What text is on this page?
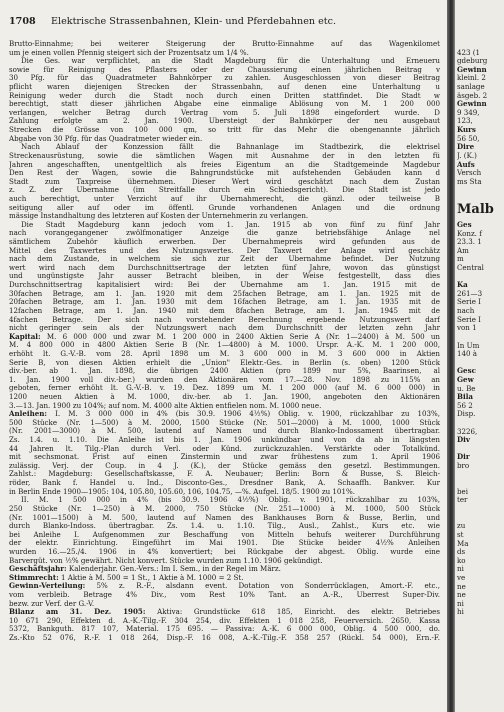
1708 Elektrische Strassenbahnen, Klein- und Pferdebahnen etc.
Brutto-Einnahme; bei weiterer Steigerung der Brutto-Einnahme auf das Wagenkilomet
um je einen vollen Pfennig steigert sich der Prozentsatz um 1/4 %.
Die Ges. war verpflichtet, an die Stadt Magdeburg für die Unterhaltung und Erneueru
sowie für Reinigung des Pflasters oder der Chaussierung einen jährlichen Beitrag v
30 Pfg. für das Quadratmeter Bahnkörper zu zahlen. Ausgeschlossen von dieser Beitrag
pflicht waren diejenigen Strecken der Strassenbahn, auf denen eine Unterhaltung u
Reinigung weder durch die Stadt noch durch einen Dritten stattfindet. Die Stadt w
berechtigt, statt dieser jährlichen Abgabe eine einmalige Ablösung von M. 1 200 000
verlangen, welcher Betrag durch Vertrag vom 5. Juli 1898 eingefordert wurde. D
Zahlung erfolgte am 2. Jan. 1900. Übersteigt der Bahnkörper der neu ausgebaut
Strecken die Grösse von 100 000 qm, so tritt für das Mehr die obengenannte jährlich
Abgabe von 30 Pfg. für das Quadratmeter wieder ein.
Nach Ablauf der Konzession fällt die Bahnanlage im Stadtbezirk, die elektrisel
Streckenausrüstung, sowie die sämtlichen Wagen mit Ausnahme der in den letzten fü
Jahren angeschafften, unentgeltlich als freies Eigentum an die Stadtgemeinde Magdebur
Den Rest der Wagen, sowie die Bahngrundstücke mit aufstehenden Gebäuden kann d
Stadt zum Taxpreise übernehmen. Dieser Wert wird geschätzt nach dem Zustan
z. Z. der Übernahme (im Streitfalle durch ein Schiedsgericht). Die Stadt ist jedo
auch berechtigt, unter Verzicht auf ihr Übernahmerecht, die gänzl. oder teilweise B
seitigung aller auf oder im öffentl. Grunde vorhandenen Anlagen und die ordnung
mässige Instandhaltung des letzteren auf Kosten der Unternehmerin zu verlangen.
Die Stadt Magdeburg kann jedoch vom 1. Jan. 1915 ab von fünf zu fünf Jahr
nach vorangegangener zwölfmonatiger Anzeige die ganze betriebsfähige Anlage nel
sämtlichem Zubehör käuflich erwerben. Der Übernahmepreis wird gefunden aus de
Mittel des Taxwertes und des Nutzungswertes. Der Taxwert der Anlage wird geschätz
nach dem Zustande, in welchem sie sich zur Zeit der Übernahme befindet. Der Nutzung
wert wird nach dem Durchschnittsertrage der letzten fünf Jahre, wovon das günstigst
und ungünstigste Jahr ausser Betracht bleiben, in der Weise festgestellt, dass dies
Durchschnittsertrag kapitalisiert wird: Bei der Übernahme am 1. Jan. 1915 mit de
30fachen Betrage, am 1. Jan. 1920 mit dem 25fachen Betrage, am 1. Jan. 1925 mit de
20fachen Betrage, am 1. Jan. 1930 mit dem 16fachen Betrage, am 1. Jan. 1935 mit de
12fachen Betrage, am 1. Jan. 1940 mit dem 8fachen Betrage, am 1. Jan. 1945 mit de
4fachen Betrage. Der sich nach vorstehender Berechnung ergebende Nutzungswert darf
nicht geringer sein als der Nutzungswert nach dem Durchschnitt der letzten zehn Jahr
Kapital: M. 6 000 000 und zwar M. 1 200 000 in 2400 Aktien Serie A (Nr. 1—2400) à M. 500 un
M. 4 800 000 in 4800 Aktien Serie B (Nr. 1—4800) à M. 1000. Urspr. A.-K. M. 1 200 000,
erhöht lt. G.-V.-B. vom 28. April 1898 um M. 3 600 000 in M. 3 600 000 in Aktien
Serie B, von diesen Aktien erhielt die „Union" Elektr.-Ges. in Berlin (s. oben) 1200 Stück
div.-ber. ab 1. Jan. 1898, die übrigen 2400 Aktien (pro 1899 nur 5%, Baarinsen, al
1. Jan. 1900 voll div.-ber.) wurden den Aktionären vom 17.—28. Nov. 1898 zu 115% an
geboten, ferner erhöht lt. G.-V.-B. v. 19. Dez. 1899 um M. 1 200 000 (auf M. 6 000 000) in
1200 neuen Aktien à M. 1000, div.-ber. ab 1. Jan. 1900, angeboten den Aktionären
3.—13. Jan. 1900 zu 104%; auf nom. M. 4000 alte Aktien entfielen nom. M. 1000 neue.
Anleihen: I. M. 3 000 000 in 4% (bis 30.9. 1906 4½%) Oblig. v. 1900, rückzahlbar zu 103%,
500 Stücke (Nr. 1—500) à M. 2000, 1500 Stücke (Nr. 501—2000) à M. 1000, 1000 Stück
(Nr. 2001—3000) à M. 500, lautend auf Namen und durch Blanko-Indossament übertragbar.
Zs. 1.4. u. 1.10. Die Anleihe ist bis 1. Jan. 1906 unkündbar und von da ab in längsten
44 Jahren lt. Tilg.-Plan durch Verl. oder Künd. zurückzuzahlen. Verstärkte oder Totalkünd.
mit sechsmonat. Frist auf einen Zinstermin und zwar frühestens zum 1. April 1906
zulässig. Verj. der Coup. in 4 J. (K.), der Stücke gemäss den gesetzl. Bestimmungen.
Zahlst.: Magdeburg: Gesellschaftskasse, F. A. Neubauer; Berlin: Born & Busse, S. Bleich-
röder, Bank f. Handel u. Ind., Disconto-Ges., Dresdner Bank, A. Schaaffh. Bankver. Kur
in Berlin Ende 1900—1905: 104, 105.80, 105.60, 106, 104.75, —%. Aufgel. 18/5. 1900 zu 101%.
II. M. 1 500 000 in 4% (bis 30.9. 1906 4½%) Oblig. v. 1901, rückzahlbar zu 103%,
250 Stücke (Nr. 1—250) à M. 2000, 750 Stücke (Nr. 251—1000) à M. 1000, 500 Stück
(Nr. 1001—1500) à M. 500, lautend auf Namen des Bankhauses Born & Busse, Berlin, und
durch Blanko-Indoss. übertragbar. Zs. 1.4. u. 1.10. Tilg., Ausl., Zahlst., Kurs etc. wie
bei Anleihe I. Aufgenommen zur Beschaffung von Mitteln behufs weiterer Durchführung
der elektr. Einrichtung. Eingeführt im Mai 1901. Die Stücke beider 4½% Anleihen
wurden 16.—25./4. 1906 in 4% konvertiert; bei Rückgabe der abgest. Oblig. wurde eine
Barvergüt. von ½% gewährt. Nicht konvert. Stücke wurden zum 1.10. 1906 gekündigt.
Geschäftsjahr: Kalenderjahr. Gen.-Vers.: Im I. Sem., in der Regel im März.
Stimmrecht: 1 Aktie à M. 500 = 1 St., 1 Aktie à M. 1000 = 2 St.
Gewinn-Verteilung: 5% z. R.-F., alsdann event. Dotation von Sonderrücklagen, Amort.-F. etc.,
vom verbleib. Betrage 4% Div., vom Rest 10% Tant. an A.-R., Überrest Super-Div.
bezw. zur Verf. der G.-V.
Bilanz am 31. Dez. 1905: Aktiva: Grundstücke 618 185, Einricht. des elektr. Betriebes
10 671 290, Effekten d. A.-K.-Tilg.-F. 304 254, div. Effekten 1 018 258, Feuerversich. 2650, Kassa
5372, Bankguth. 817 107, Material. 175 695. — Passiva: A.-K. 6 000 000, Oblig. 4 500 000, do.
Zs.-Kto 52 076, R.-F. 1 018 264, Disp.-F. 16 008, A.-K.-Tilg.-F. 358 257 (Rückl. 54 000), Ern.-F.
423 (1
gdeburg
Gewinn
kleinl. 2
sanlage
äsgeb. 2
Gewinn
9 349,
123,
Kurs
56 50,
Dire
J. (K.)
Aufs
Versch
ms Sta
Malb
Ges
Konz. f
23.3. 1
Am
m
Central
Ka
261—3
Serie I
nach
Serie I
von 1
In Um
140 à
Gesc
Gew
u. Be
Bila
56 2
Disp.
3226,
Div
Dir
bro
bei
ter
zu
st
Ma
ds
ko
ni
ve
ne
ne
ni
hi
